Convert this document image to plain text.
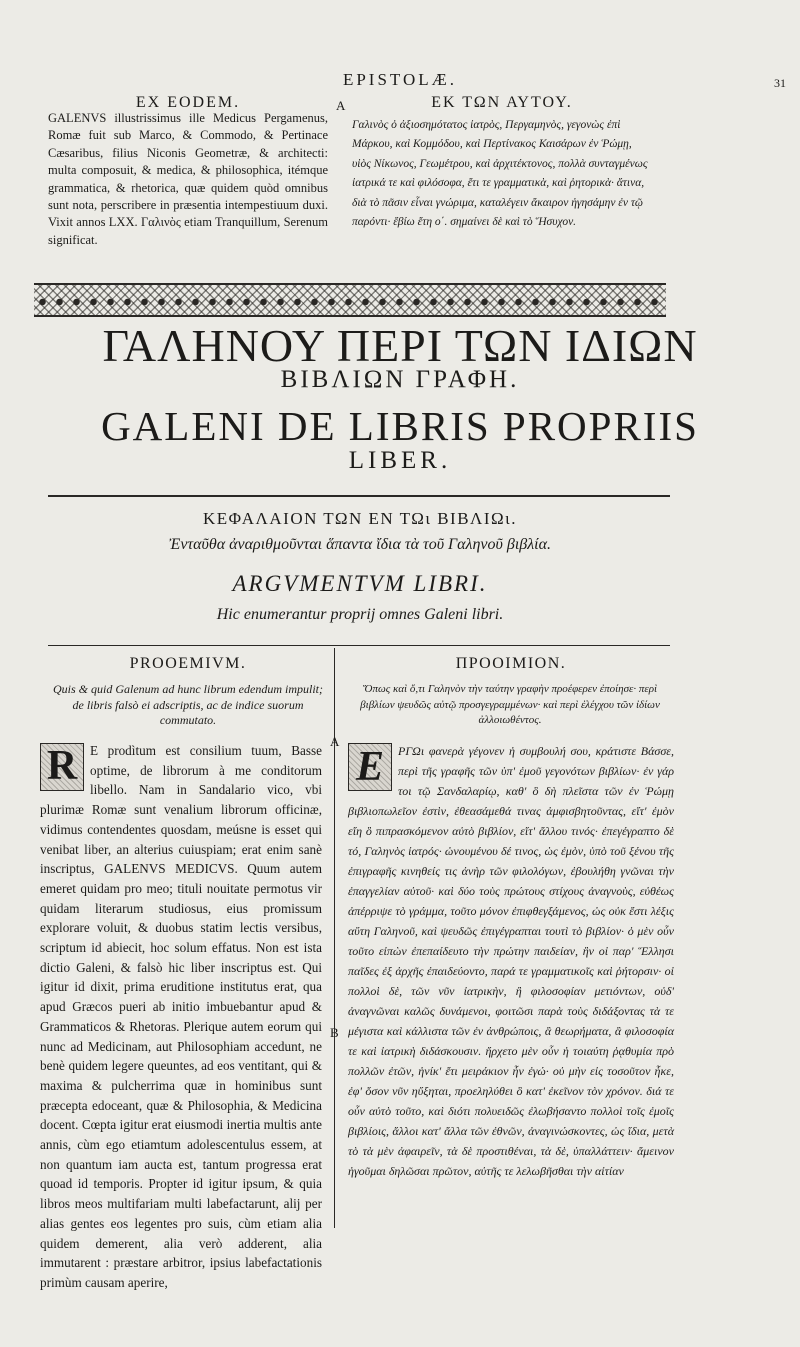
EPISTOLÆ.	31
EX EODEM.	A	ΕΚ ΤΩΝ ΑΥΤΟΥ.

GALENVS illustrissimus ille Medicus Pergamenus, Romæ fuit sub Marco, & Commodo, & Pertinace Cæsaribus, filius Niconis Geometræ, & architecti: multa composuit, & medica, & philosophica, itémque grammatica, & rhetorica, quæ quidem quòd omnibus sunt nota, perscribere in præsentia intempestiuum duxi. Vixit annos LXX. Γαλινὸς etiam Tranquillum, Serenum significat.

Γαλινὸς ὁ ἀξιοσημότατος ἰατρὸς, Περγαμηνὸς, γεγονὼς ἐπὶ Μάρκου, καὶ Κομμόδου, καὶ Περτίνακος Καισάρων ἐν Ῥώμῃ, υἱὸς Νίκωνος, Γεωμέτρου, καὶ ἀρχιτέκτονος, πολλὰ συνταγμένως ἰατρικά τε καὶ φιλόσοφα, ἔτι τε γραμματικὰ, καὶ ῥητορικὰ· ἅτινα, διὰ τὸ πᾶσιν εἶναι γνώριμα, καταλέγειν ἄκαιρον ἡγησάμην ἐν τῷ παρόντι· ἔβίω ἔτη ο΄. σημαίνει δὲ καὶ τὸ Ἥσυχον.

ΓΑΛΗΝΟΥ ΠΕΡΙ ΤΩΝ ΙΔΙΩΝ
ΒΙΒΛΙΩΝ ΓΡΑΦΗ.
GALENI DE LIBRIS PROPRIIS
LIBER.
ΚΕΦΑΛΑΙΟΝ ΤΩΝ ΕΝ ΤΩι ΒΙΒΛΙΩι.
Ἐνταῦθα ἀναριθμοῦνται ἅπαντα ἴδια τὰ τοῦ Γαληνοῦ βιβλία.
ARGVMENTVM LIBRI.
Hic enumerantur proprij omnes Galeni libri.
PROOEMIVM.	ΠΡΟΟΙΜΙΟΝ.

Quis & quid Galenum ad hunc librum edendum impulit; de libris falsò ei adscriptis, ac de indice suorum commutato.

Ὅπως καὶ ὅ,τι Γαληνὸν τὴν ταύτην γραφὴν προέφερεν ἐποίησε· περὶ βιβλίων ψευδῶς αὐτῷ προσγεγραμμένων· καὶ περὶ ἐλέγχου τῶν ἰδίων ἀλλοιωθέντος.

A
B

R E prodìtum est consilium tuum, Basse optime, de librorum à me conditorum libello. Nam in Sandalario vico, vbi plurimæ Romæ sunt venalium librorum officinæ, vidimus contendentes quosdam, meúsne is esset qui venibat liber, an alterius cuiuspiam; erat enim sanè inscriptus, GALENVS MEDICVS. Quum autem emeret quidam pro meo; tituli nouitate permotus vir quidam literarum studiosus, eius promissum explorare voluit, & duobus statim lectis versibus, scriptum id abiecit, hoc solum effatus. Non est ista dictio Galeni, & falsò hic liber inscriptus est. Qui igitur id dixit, prima eruditione institutus erat, qua apud Græcos pueri ab initio imbuebantur apud & Grammaticos & Rhetoras. Plerique autem eorum qui nunc ad Medicinam, aut Philosophiam accedunt, ne benè quidem legere queuntes, ad eos ventitant, qui & maxima & pulcherrima quæ in hominibus sunt præcepta edoceant, quæ & Philosophia, & Medicina docent. Cœpta igitur erat eiusmodi inertia multis ante annis, cùm ego etiamtum adolescentulus essem, at non quantum iam aucta est, tantum progressa erat quoad id temporis. Propter id igitur ipsum, & quia libros meos multifariam multi labefactarunt, alij per alias gentes eos legentes pro suis, cùm etiam alia quidem demerent, alia verò adderent, alia immutarent : præstare arbitror, ipsius labefactationis primùm causam aperire,

E	ΡΓΩι φανερὰ γέγονεν ἡ συμβουλή σου, κράτιστε Βάσσε, περὶ τῆς γραφῆς τῶν ὑπ' ἐμοῦ γεγονότων βιβλίων· ἐν γάρ τοι τῷ Σανδαλαρίῳ, καθ' ὃ δὴ πλεῖστα τῶν ἐν Ῥώμῃ βιβλιοπωλεῖον ἐστὶν, ἐθεασάμεθά τινας ἀμφισβητοῦντας, εἴτ' ἐμὸν εἴη ὃ πιπρασκόμενον αὐτὸ βιβλίον, εἴτ' ἄλλου τινός· ἐπεγέγραπτο δὲ τό, Γαληνὸς ἰατρός· ὠνουμένου δέ τινος, ὡς ἐμὸν, ὑπὸ τοῦ ξένου τῆς ἐπιγραφῆς κινηθείς τις ἀνὴρ τῶν φιλολόγων, ἐβουλήθη γνῶναι τὴν ἐπαγγελίαν αὐτοῦ· καὶ δύο τοὺς πρώτους στίχους ἀναγνοὺς, εὐθέως ἀπέρριψε τὸ γράμμα, τοῦτο μόνον ἐπιφθεγξάμενος, ὡς οὐκ ἔστι λέξις αὕτη Γαληνοῦ, καὶ ψευδῶς ἐπιγέγραπται τουτὶ τὸ βιβλίον· ὁ μὲν οὖν τοῦτο εἰπὼν ἐπεπαίδευτο τὴν πρώτην παιδείαν, ἣν οἱ παρ' Ἕλλησι παῖδες ἐξ ἀρχῆς ἐπαιδεύοντο, παρά τε γραμματικοῖς καὶ ῥήτορσιν· οἱ πολλοὶ δὲ, τῶν νῦν ἰατρικὴν, ἢ φιλοσοφίαν μετιόντων, οὐδ' ἀναγνῶναι καλῶς δυνάμενοι, φοιτῶσι παρὰ τοὺς διδάξοντας τὰ τε μέγιστα καὶ κάλλιστα τῶν ἐν ἀνθρώποις, ἃ θεωρήματα, ἃ φιλοσοφία τε καὶ ἰατρικὴ διδάσκουσιν. ἤρχετο μὲν οὖν ἡ τοιαύτη ῥᾳθυμία πρὸ πολλῶν ἐτῶν, ἡνίκ' ἔτι μειράκιον ἦν ἐγώ· οὐ μὴν εἰς τοσοῦτον ἧκε, ἐφ' ὅσον νῦν ηὔξηται, προεληλύθει ὃ κατ' ἐκεῖνον τὸν χρόνον. διά τε οὖν αὐτὸ τοῦτο, καὶ διότι πολυειδῶς ἐλωβήσαντο πολλοὶ τοῖς ἐμοῖς βιβλίοις, ἄλλοι κατ' ἄλλα τῶν ἐθνῶν, ἀναγινώσκοντες, ὡς ἴδια, μετὰ τὸ τὰ μὲν ἀφαιρεῖν, τὰ δὲ προστιθέναι, τὰ δὲ, ὑπαλλάττειν· ἄμεινον ἡγοῦμαι δηλῶσαι πρῶτον, αὐτῆς τε λελωβῆσθαι τὴν αἰτίαν
